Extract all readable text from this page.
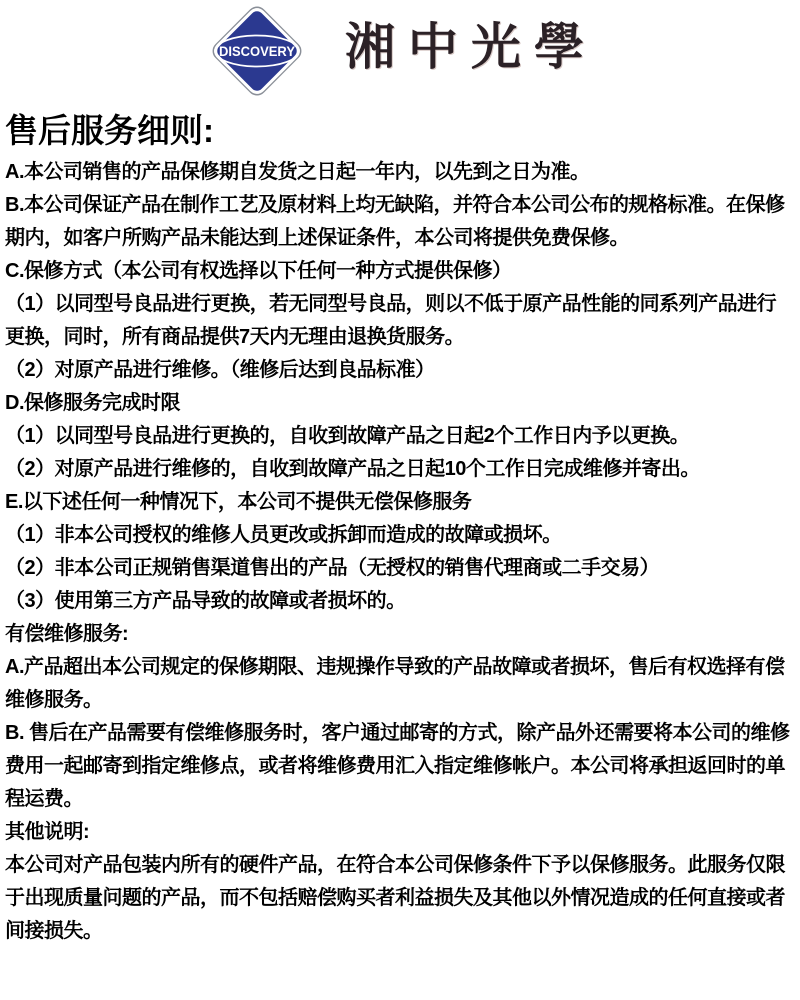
DISCOVERY 湘中光學
售后服务细则:

A.本公司销售的产品保修期自发货之日起一年内，以先到之日为准。

B.本公司保证产品在制作工艺及原材料上均无缺陷，并符合本公司公布的规格标准。在保修期内，如客户所购产品未能达到上述保证条件，本公司将提供免费保修。

C.保修方式（本公司有权选择以下任何一种方式提供保修）

（1）以同型号良品进行更换，若无同型号良品，则以不低于原产品性能的同系列产品进行更换，同时，所有商品提供7天内无理由退换货服务。

（2）对原产品进行维修。（维修后达到良品标准）

D.保修服务完成时限

（1）以同型号良品进行更换的，自收到故障产品之日起2个工作日内予以更换。

（2）对原产品进行维修的，自收到故障产品之日起10个工作日完成维修并寄出。

E.以下述任何一种情况下，本公司不提供无偿保修服务

（1）非本公司授权的维修人员更改或拆卸而造成的故障或损坏。

（2）非本公司正规销售渠道售出的产品（无授权的销售代理商或二手交易）

（3）使用第三方产品导致的故障或者损坏的。

有偿维修服务:

A.产品超出本公司规定的保修期限、违规操作导致的产品故障或者损坏，售后有权选择有偿维修服务。

B. 售后在产品需要有偿维修服务时，客户通过邮寄的方式，除产品外还需要将本公司的维修费用一起邮寄到指定维修点，或者将维修费用汇入指定维修帐户。本公司将承担返回时的单程运费。

其他说明:

本公司对产品包装内所有的硬件产品，在符合本公司保修条件下予以保修服务。此服务仅限于出现质量问题的产品，而不包括赔偿购买者利益损失及其他以外情况造成的任何直接或者间接损失。
